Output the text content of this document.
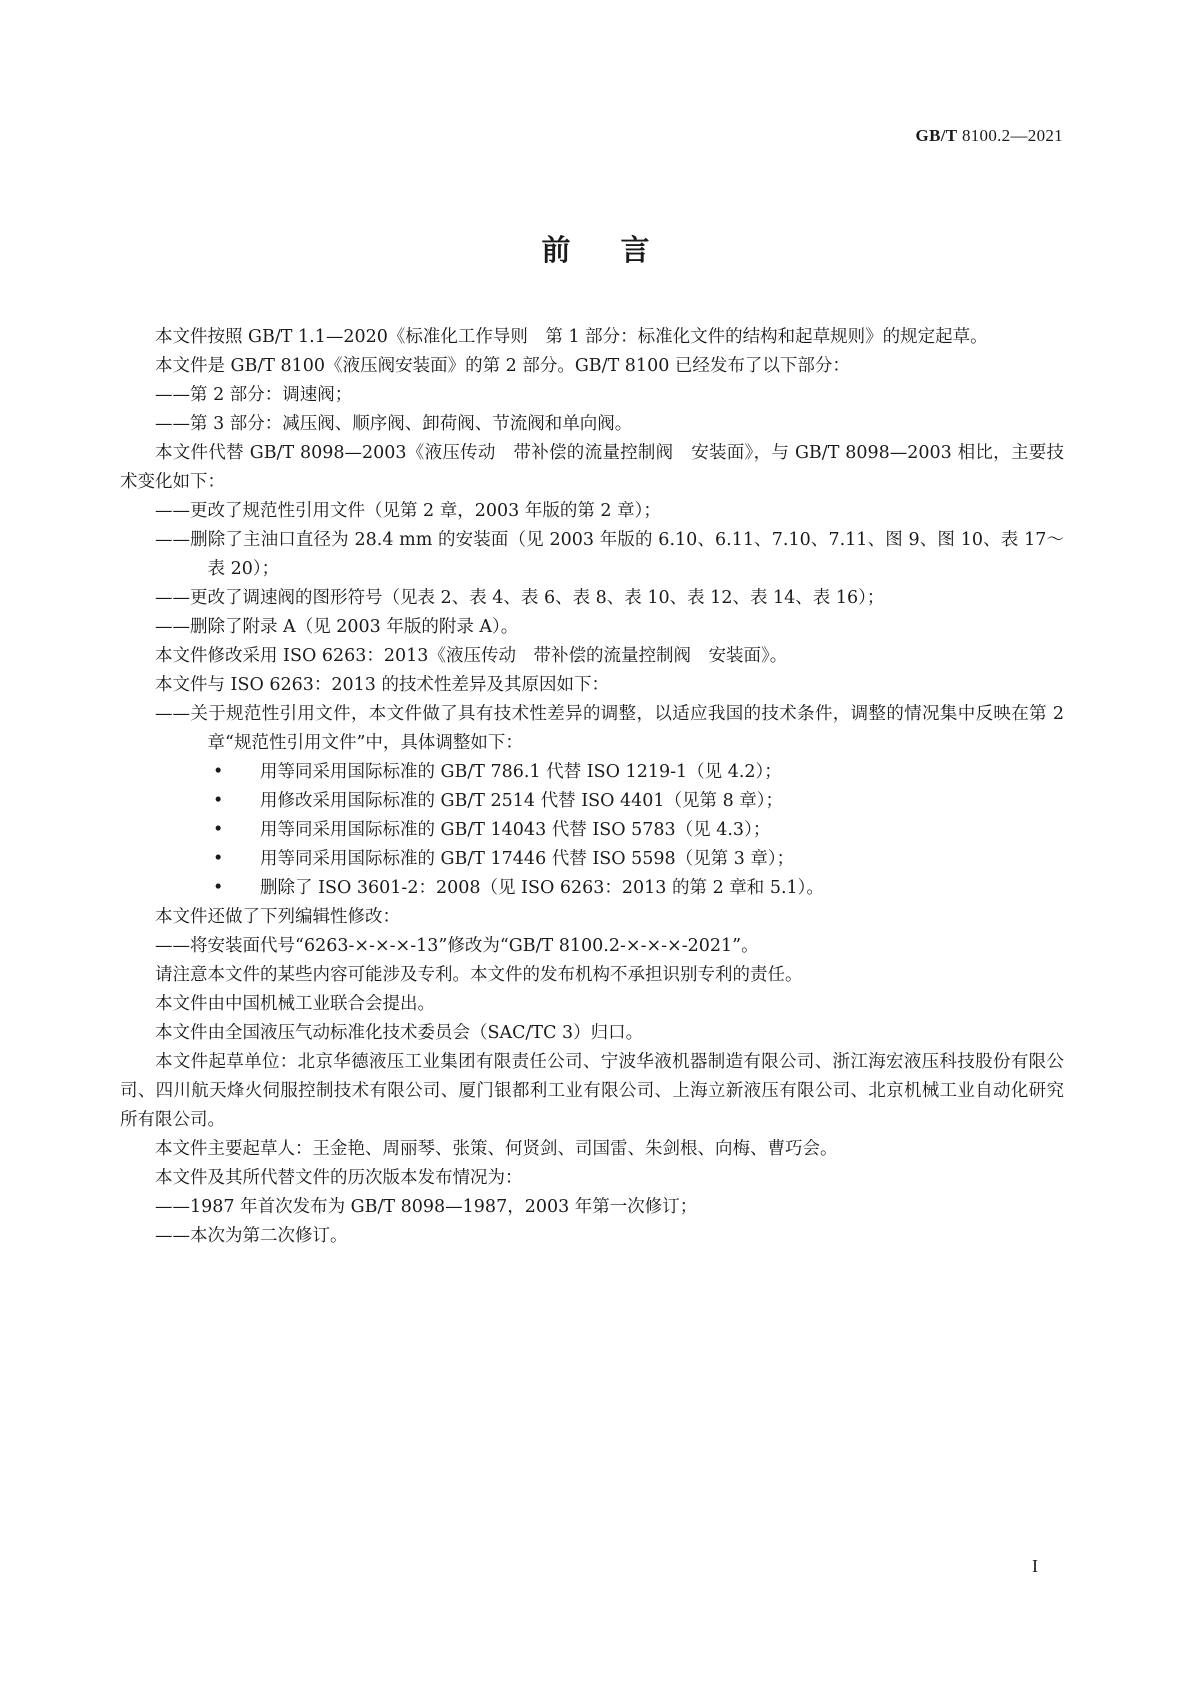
GB/T 8100.2—2021
前言

本文件按照 GB/T 1.1—2020《标准化工作导则　第 1 部分：标准化文件的结构和起草规则》的规定起草。

本文件是 GB/T 8100《液压阀安装面》的第 2 部分。GB/T 8100 已经发布了以下部分：

——第 2 部分：调速阀；

——第 3 部分：减压阀、顺序阀、卸荷阀、节流阀和单向阀。

本文件代替 GB/T 8098—2003《液压传动　带补偿的流量控制阀　安装面》，与 GB/T 8098—2003 相比，主要技术变化如下：

——更改了规范性引用文件（见第 2 章，2003 年版的第 2 章）；

——删除了主油口直径为 28.4 mm 的安装面（见 2003 年版的 6.10、6.11、7.10、7.11、图 9、图 10、表 17～表 20）；

——更改了调速阀的图形符号（见表 2、表 4、表 6、表 8、表 10、表 12、表 14、表 16）；

——删除了附录 A（见 2003 年版的附录 A）。

本文件修改采用 ISO 6263：2013《液压传动　带补偿的流量控制阀　安装面》。

本文件与 ISO 6263：2013 的技术性差异及其原因如下：

——关于规范性引用文件，本文件做了具有技术性差异的调整，以适应我国的技术条件，调整的情况集中反映在第 2 章“规范性引用文件”中，具体调整如下：

• 用等同采用国际标准的 GB/T 786.1 代替 ISO 1219-1（见 4.2）；

• 用修改采用国际标准的 GB/T 2514 代替 ISO 4401（见第 8 章）；

• 用等同采用国际标准的 GB/T 14043 代替 ISO 5783（见 4.3）；

• 用等同采用国际标准的 GB/T 17446 代替 ISO 5598（见第 3 章）；

• 删除了 ISO 3601-2：2008（见 ISO 6263：2013 的第 2 章和 5.1）。

本文件还做了下列编辑性修改：

——将安装面代号“6263-×-×-×-13”修改为“GB/T 8100.2-×-×-×-2021”。

请注意本文件的某些内容可能涉及专利。本文件的发布机构不承担识别专利的责任。

本文件由中国机械工业联合会提出。

本文件由全国液压气动标准化技术委员会（SAC/TC 3）归口。

本文件起草单位：北京华德液压工业集团有限责任公司、宁波华液机器制造有限公司、浙江海宏液压科技股份有限公司、四川航天烽火伺服控制技术有限公司、厦门银都利工业有限公司、上海立新液压有限公司、北京机械工业自动化研究所有限公司。

本文件主要起草人：王金艳、周丽琴、张策、何贤剑、司国雷、朱剑根、向梅、曹巧会。

本文件及其所代替文件的历次版本发布情况为：

——1987 年首次发布为 GB/T 8098—1987，2003 年第一次修订；

——本次为第二次修订。

I
